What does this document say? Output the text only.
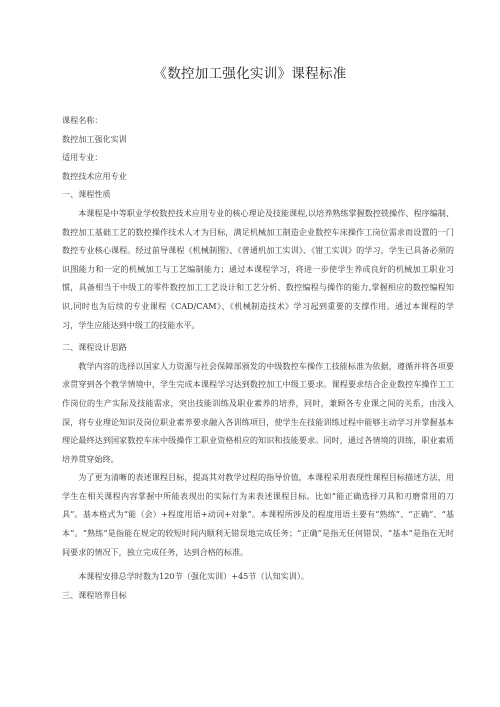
《数控加工强化实训》课程标准
课程名称：
数控加工强化实训
适用专业：
数控技术应用专业
一、课程性质

本课程是中等职业学校数控技术应用专业的核心理论及技能课程,以培养熟练掌握数控铣操作、程序编制、数控加工基础工艺的数控操作技术人才为目标，满足机械加工制造企业数控车床操作工岗位需求而设置的一门数控专业核心课程。经过前导课程《机械制图》、《普通机加工实训》、《钳工实训》的学习，学生已具备必须的识图能力和一定的机械加工与工艺编制能力；通过本课程学习，将进一步使学生养成良好的机械加工职业习惯，具备相当于中级工的零件数控加工工艺设计和工艺分析、数控编程与操作的能力,掌握相应的数控编程知识,同时也为后续的专业课程《CAD/CAM》、《机械制造技术》学习起到重要的支撑作用。通过本课程的学习，学生应能达到中级工的技能水平。

二、课程设计思路

教学内容的选择以国家人力资源与社会保障部颁发的中级数控车操作工技能标准为依据，遵循并将各项要求贯穿到各个教学情境中，学生完成本课程学习达到数控加工中级工要求。课程要求结合企业数控车操作工工作岗位的生产实际及技能需求，突出技能训练及职业素养的培养，同时，兼顾各专业课之间的关系，由浅入深，将专业理论知识及岗位职业素养要求融入各训练项目，使学生在技能训练过程中能够主动学习并掌握基本理论最终达到国家数控车床中级操作工职业资格相应的知识和技能要求。同时，通过各情境的训练，职业素质培养贯穿始终。

为了更为清晰的表述课程目标，提高其对教学过程的指导价值，本课程采用表现性课程目标描述方法，用学生在相关课程内容掌握中所能表现出的实际行为来表述课程目标。比如“能正确选择刀具和刃磨常用的刀具”。基本格式为“能（会）+程度用语+动词+对象”。本课程所涉及的程度用语主要有“熟练”、“正确”、“基本”。“熟练”是指能在规定的较短时间内顺利无错误地完成任务；“正确”是指无任何错误，“基本”是指在无时间要求的情况下，独立完成任务，达到合格的标准。

本课程安排总学时数为120节（强化实训）+45节（认知实训）。

三、课程培养目标
